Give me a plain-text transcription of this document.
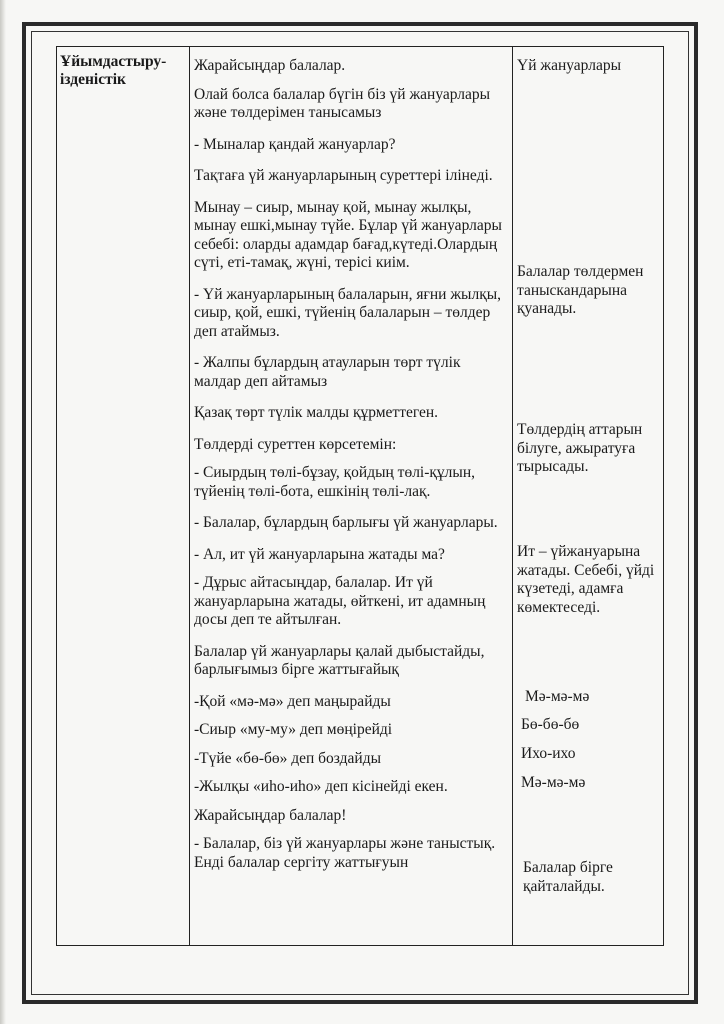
Ұйымдастыру-
ізденістік

Жарайсыңдар балалар.
Олай болса балалар бүгін біз үй жануарлары және төлдерімен танысамыз
- Мыналар қандай жануарлар?
Тақтаға үй жануарларының суреттері ілінеді.
Мынау – сиыр, мынау қой, мынау жылқы, мынау ешкі,мынау түйе. Бұлар үй жануарлары себебі: оларды адамдар бағад,күтеді.Олардың сүті, еті-тамақ, жүні, терісі киім.
- Үй жануарларының балаларын, яғни жылқы, сиыр, қой, ешкі, түйенің балаларын – төлдер деп атаймыз.
- Жалпы бұлардың атауларын төрт түлік малдар деп айтамыз
Қазақ төрт түлік малды құрметтеген.
Төлдерді суреттен көрсетемін:
- Сиырдың төлі-бұзау, қойдың төлі-құлын, түйенің төлі-бота, ешкінің төлі-лақ.
- Балалар, бұлардың барлығы үй жануарлары.
- Ал, ит үй жануарларына жатады ма?
- Дұрыс айтасыңдар, балалар. Ит үй жануарларына жатады, өйткені, ит адамның досы деп те айтылған.
Балалар үй жануарлары қалай дыбыстайды, барлығымыз бірге жаттығайық
-Қой «мә-мә» деп маңырайды
-Сиыр «му-му» деп мөңірейді
-Түйе «бө-бө» деп боздайды
-Жылқы «иһо-иһо» деп кісінейді екен.
Жарайсыңдар балалар!
- Балалар, біз үй жануарлары және таныстық. Енді балалар сергіту жаттығуын

Үй жануарлары
Балалар төлдермен таныскандарына қуанады.
Төлдердің аттарын білуге, ажыратуға тырысады.
Ит – үйжануарына жатады. Себебі, үйді күзетеді, адамға көмектеседі.
Мә-мә-мә
Бө-бө-бө
Ихо-ихо
Мә-мә-мә
Балалар бірге қайталайды.
